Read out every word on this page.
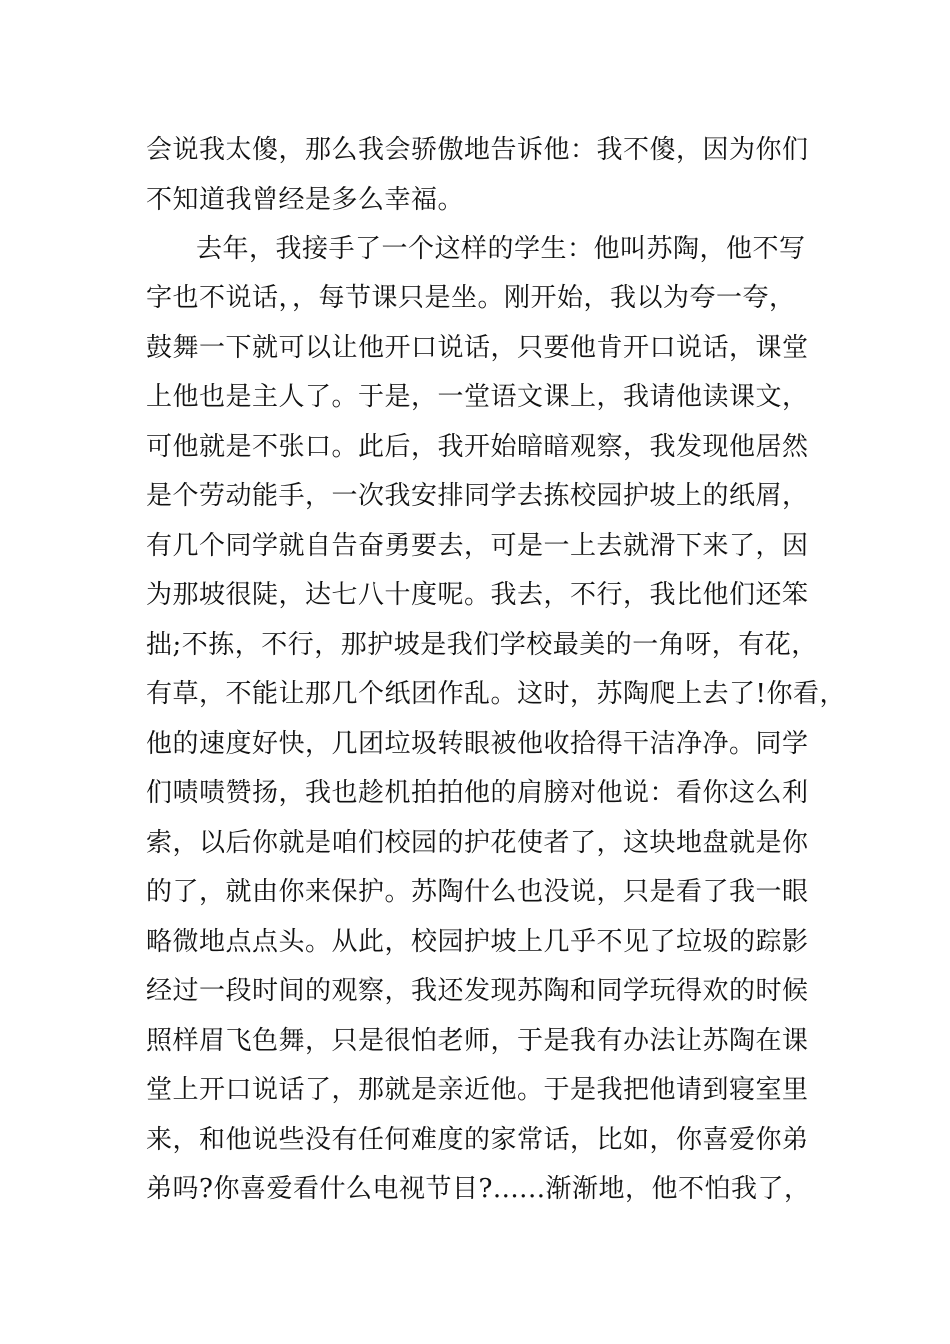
会说我太傻，那么我会骄傲地告诉他：我不傻，因为你们
不知道我曾经是多么幸福。
去年，我接手了一个这样的学生：他叫苏陶，他不写
字也不说话，，每节课只是坐。刚开始，我以为夸一夸，
鼓舞一下就可以让他开口说话，只要他肯开口说话，课堂
上他也是主人了。于是，一堂语文课上，我请他读课文，
可他就是不张口。此后，我开始暗暗观察，我发现他居然
是个劳动能手，一次我安排同学去拣校园护坡上的纸屑，
有几个同学就自告奋勇要去，可是一上去就滑下来了，因
为那坡很陡，达七八十度呢。我去，不行，我比他们还笨
拙;不拣，不行，那护坡是我们学校最美的一角呀，有花，
有草，不能让那几个纸团作乱。这时，苏陶爬上去了!你看，
他的速度好快，几团垃圾转眼被他收拾得干洁净净。同学
们啧啧赞扬，我也趁机拍拍他的肩膀对他说：看你这么利
索，以后你就是咱们校园的护花使者了，这块地盘就是你
的了，就由你来保护。苏陶什么也没说，只是看了我一眼
略微地点点头。从此，校园护坡上几乎不见了垃圾的踪影
经过一段时间的观察，我还发现苏陶和同学玩得欢的时候
照样眉飞色舞，只是很怕老师，于是我有办法让苏陶在课
堂上开口说话了，那就是亲近他。于是我把他请到寝室里
来，和他说些没有任何难度的家常话，比如，你喜爱你弟
弟吗?你喜爱看什么电视节目?......渐渐地，他不怕我了，
